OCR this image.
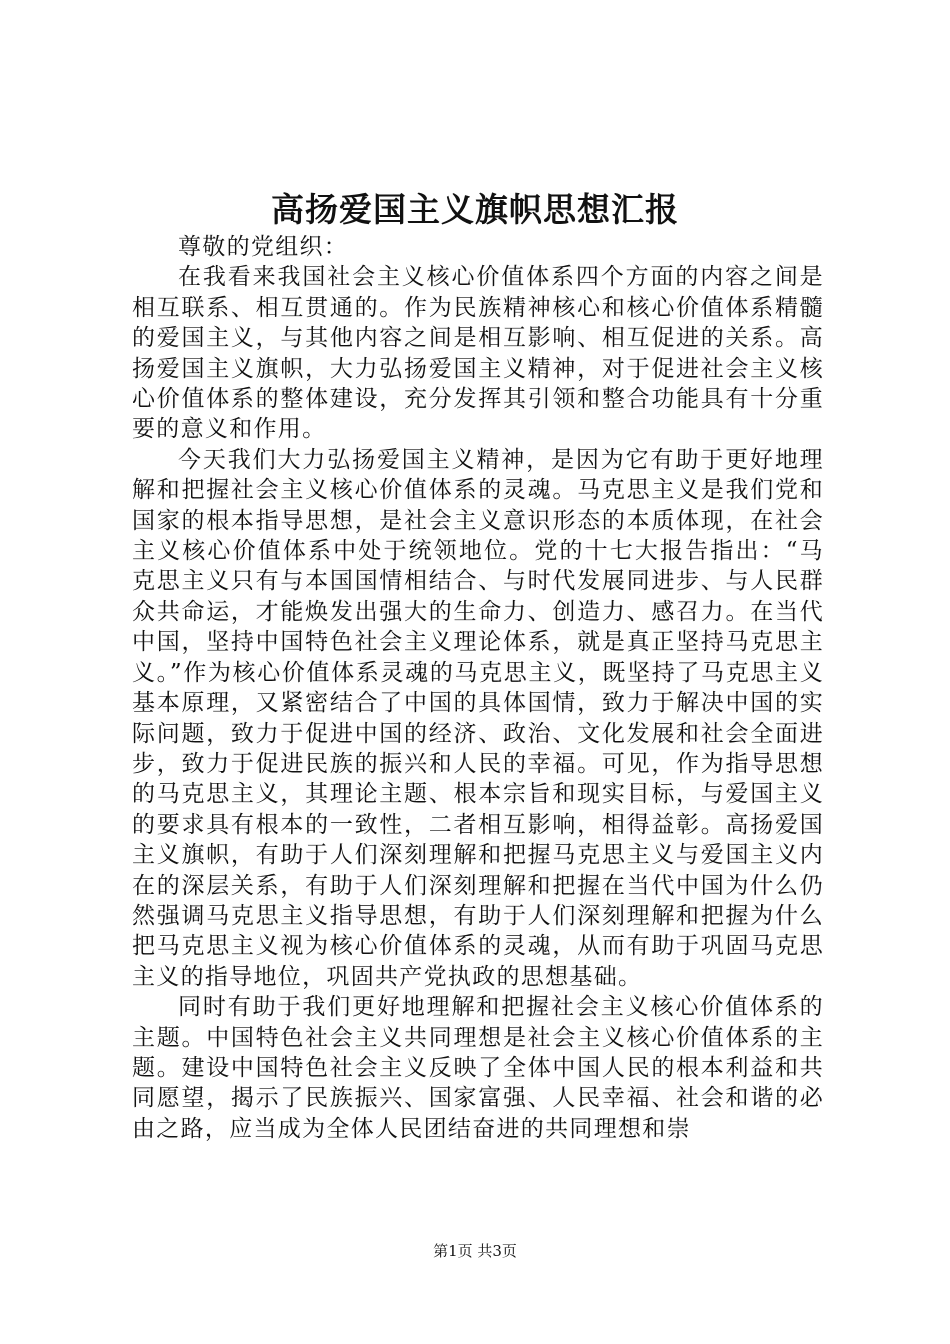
高扬爱国主义旗帜思想汇报
尊敬的党组织：

在我看来我国社会主义核心价值体系四个方面的内容之间是相互联系、相互贯通的。作为民族精神核心和核心价值体系精髓的爱国主义，与其他内容之间是相互影响、相互促进的关系。高扬爱国主义旗帜，大力弘扬爱国主义精神，对于促进社会主义核心价值体系的整体建设，充分发挥其引领和整合功能具有十分重要的意义和作用。

今天我们大力弘扬爱国主义精神，是因为它有助于更好地理解和把握社会主义核心价值体系的灵魂。马克思主义是我们党和国家的根本指导思想，是社会主义意识形态的本质体现，在社会主义核心价值体系中处于统领地位。党的十七大报告指出：“马克思主义只有与本国国情相结合、与时代发展同进步、与人民群众共命运，才能焕发出强大的生命力、创造力、感召力。在当代中国，坚持中国特色社会主义理论体系，就是真正坚持马克思主义。”作为核心价值体系灵魂的马克思主义，既坚持了马克思主义基本原理，又紧密结合了中国的具体国情，致力于解决中国的实际问题，致力于促进中国的经济、政治、文化发展和社会全面进步，致力于促进民族的振兴和人民的幸福。可见，作为指导思想的马克思主义，其理论主题、根本宗旨和现实目标，与爱国主义的要求具有根本的一致性，二者相互影响，相得益彰。高扬爱国主义旗帜，有助于人们深刻理解和把握马克思主义与爱国主义内在的深层关系，有助于人们深刻理解和把握在当代中国为什么仍然强调马克思主义指导思想，有助于人们深刻理解和把握为什么把马克思主义视为核心价值体系的灵魂，从而有助于巩固马克思主义的指导地位，巩固共产党执政的思想基础。

同时有助于我们更好地理解和把握社会主义核心价值体系的主题。中国特色社会主义共同理想是社会主义核心价值体系的主题。建设中国特色社会主义反映了全体中国人民的根本利益和共同愿望，揭示了民族振兴、国家富强、人民幸福、社会和谐的必由之路，应当成为全体人民团结奋进的共同理想和崇

第1页 共3页
